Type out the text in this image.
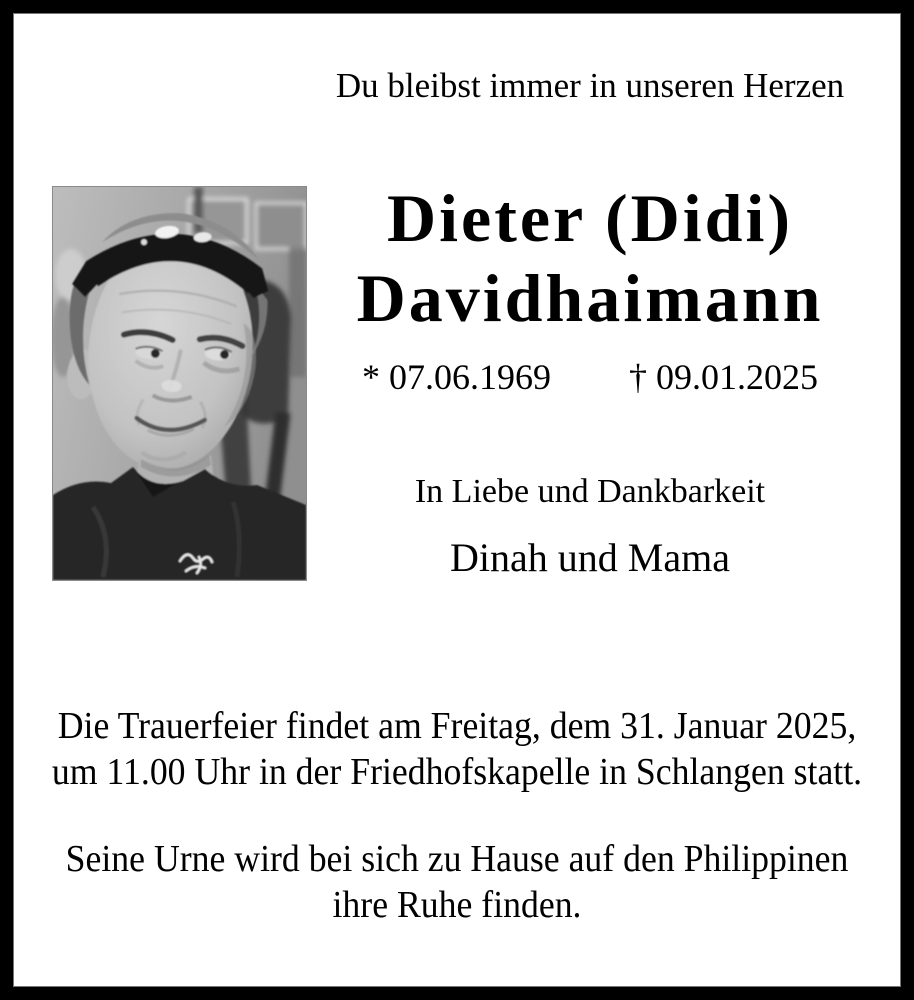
Du bleibst immer in unseren Herzen
Dieter (Didi)
Davidhaimann
* 07.06.1969 † 09.01.2025
In Liebe und Dankbarkeit
Dinah und Mama
Die Trauerfeier findet am Freitag, dem 31. Januar 2025,
um 11.00 Uhr in der Friedhofskapelle in Schlangen statt.
Seine Urne wird bei sich zu Hause auf den Philippinen
ihre Ruhe finden.
